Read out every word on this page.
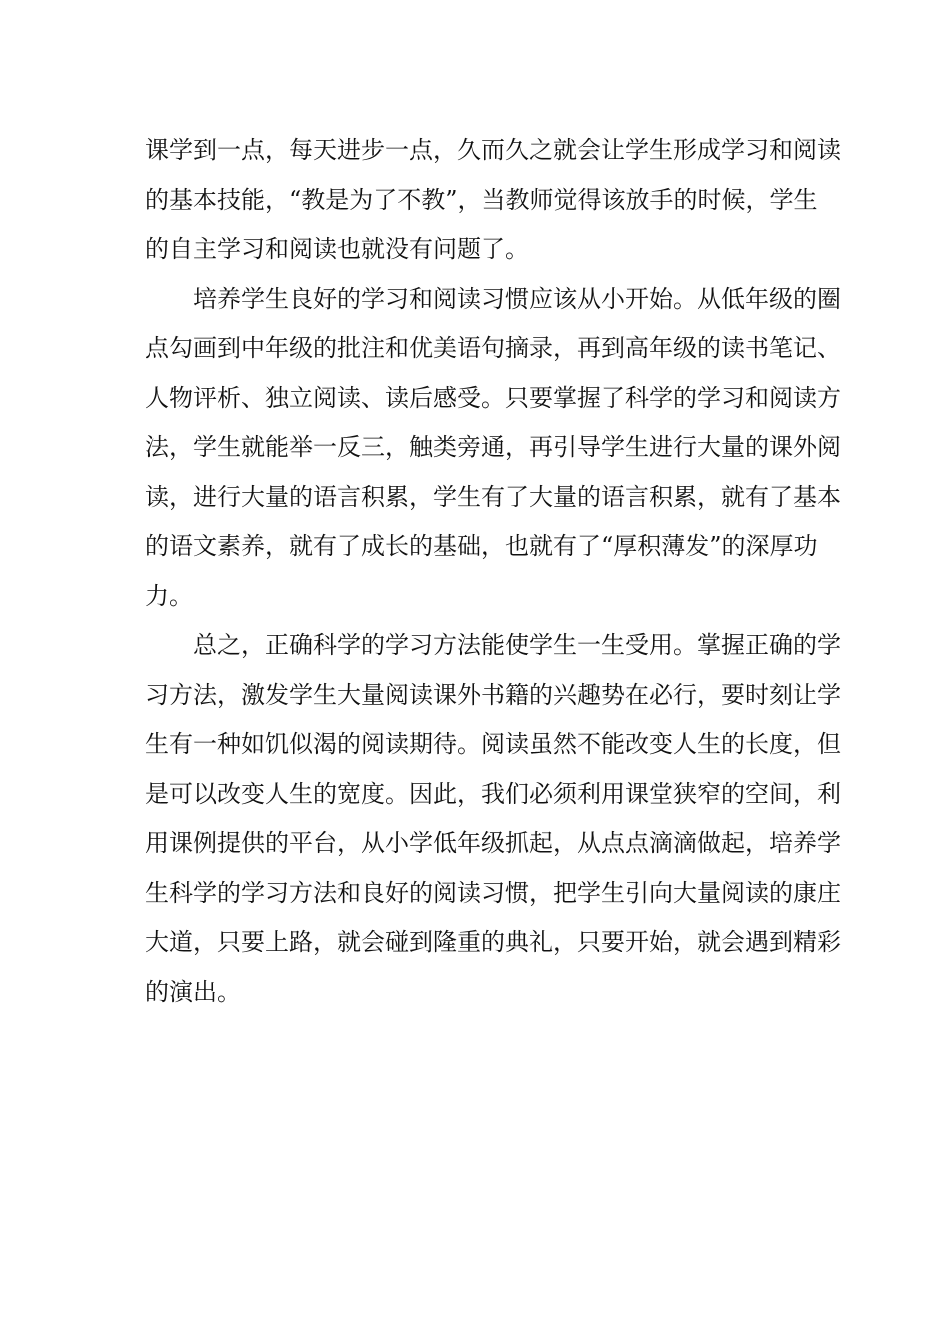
课学到一点，每天进步一点，久而久之就会让学生形成学习和阅读
的基本技能，“教是为了不教”，当教师觉得该放手的时候，学生
的自主学习和阅读也就没有问题了。
培养学生良好的学习和阅读习惯应该从小开始。从低年级的圈
点勾画到中年级的批注和优美语句摘录，再到高年级的读书笔记、
人物评析、独立阅读、读后感受。只要掌握了科学的学习和阅读方
法，学生就能举一反三，触类旁通，再引导学生进行大量的课外阅
读，进行大量的语言积累，学生有了大量的语言积累，就有了基本
的语文素养，就有了成长的基础，也就有了“厚积薄发”的深厚功
力。
总之，正确科学的学习方法能使学生一生受用。掌握正确的学
习方法，激发学生大量阅读课外书籍的兴趣势在必行，要时刻让学
生有一种如饥似渴的阅读期待。阅读虽然不能改变人生的长度，但
是可以改变人生的宽度。因此，我们必须利用课堂狭窄的空间，利
用课例提供的平台，从小学低年级抓起，从点点滴滴做起，培养学
生科学的学习方法和良好的阅读习惯，把学生引向大量阅读的康庄
大道，只要上路，就会碰到隆重的典礼，只要开始，就会遇到精彩
的演出。
